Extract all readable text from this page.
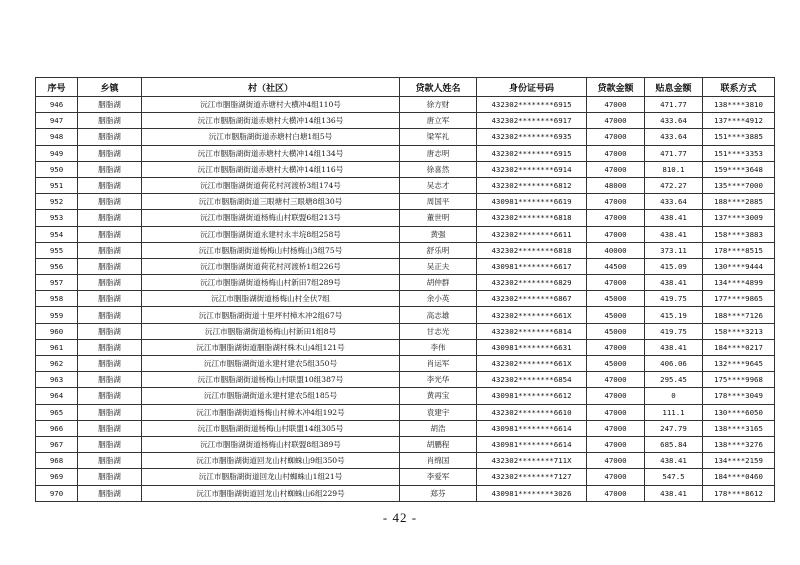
序号	乡镇	村（社区）	贷款人姓名	身份证号码	贷款金额	贴息金额	联系方式
946	胭脂湖	沅江市胭脂湖街道赤塘村大横冲4组110号	徐方财	432302********6915	47000	471.77	138****3810
947	胭脂湖	沅江市胭脂湖街道赤塘村大横冲14组136号	唐立军	432302********6917	47000	433.64	137****4912
948	胭脂湖	沅江市胭脂湖街道赤塘村白塘1组5号	梁军礼	432302********6935	47000	433.64	151****3885
949	胭脂湖	沅江市胭脂湖街道赤塘村大横冲14组134号	唐志明	432302********6915	47000	471.77	151****3353
950	胭脂湖	沅江市胭脂湖街道赤塘村大横冲14组116号	徐喜然	432302********6914	47000	810.1	159****3648
951	胭脂湖	沅江市胭脂湖街道荷花村河渡桥3组174号	吴志才	432302********6812	48000	472.27	135****7000
952	胭脂湖	沅江市胭脂湖街道三眼塘村三眼塘8组30号	周国平	430981********6619	47000	433.64	188****2885
953	胭脂湖	沅江市胭脂湖街道杨梅山村联盟6组213号	董世明	432302********6818	47000	438.41	137****3009
954	胭脂湖	沅江市胭脂湖街道永建村永丰垸8组258号	黄强	432302********6611	47000	438.41	158****3883
955	胭脂湖	沅江市胭脂湖街道杨梅山村杨梅山3组75号	舒乐明	432302********6818	40000	373.11	178****8515
956	胭脂湖	沅江市胭脂湖街道荷花村河渡桥1组226号	吴正夫	430981********6617	44500	415.09	130****9444
957	胭脂湖	沅江市胭脂湖街道杨梅山村新田7组289号	胡仲群	432302********6829	47000	438.41	134****4899
958	胭脂湖	沅江市胭脂湖街道杨梅山村全伏7组	余小英	432302********6867	45000	419.75	177****9865
959	胭脂湖	沅江市胭脂湖街道十里坪村樟木冲2组67号	高志雄	432302********661X	45000	415.19	188****7126
960	胭脂湖	沅江市胭脂湖街道杨梅山村新田1组8号	甘志光	432302********6814	45000	419.75	158****3213
961	胭脂湖	沅江市胭脂湖街道胭脂湖村株木山4组121号	李伟	430981********6631	47000	438.41	184****0217
962	胭脂湖	沅江市胭脂湖街道永建村建农5组350号	肖运军	432302********661X	45000	406.06	132****9645
963	胭脂湖	沅江市胭脂湖街道杨梅山村联盟10组387号	李光华	432302********6854	47000	295.45	175****9968
964	胭脂湖	沅江市胭脂湖街道永建村建农5组185号	黄再宝	430981********6612	47000	0	178****3049
965	胭脂湖	沅江市胭脂湖街道杨梅山村樟木冲4组192号	袁建宇	432302********6610	47000	111.1	130****6050
966	胭脂湖	沅江市胭脂湖街道杨梅山村联盟14组305号	胡浩	430981********6614	47000	247.79	138****3165
967	胭脂湖	沅江市胭脂湖街道杨梅山村联盟8组389号	胡鹏程	430981********6614	47000	685.84	138****3276
968	胭脂湖	沅江市胭脂湖街道回龙山村蜘蛛山9组350号	肖绵国	432302********711X	47000	438.41	134****2159
969	胭脂湖	沅江市胭脂湖街道回龙山村蜘蛛山1组21号	李爱军	432302********7127	47000	547.5	184****0460
970	胭脂湖	沅江市胭脂湖街道回龙山村蜘蛛山6组229号	郑芬	430981********3026	47000	438.41	178****8612
- 42 -
